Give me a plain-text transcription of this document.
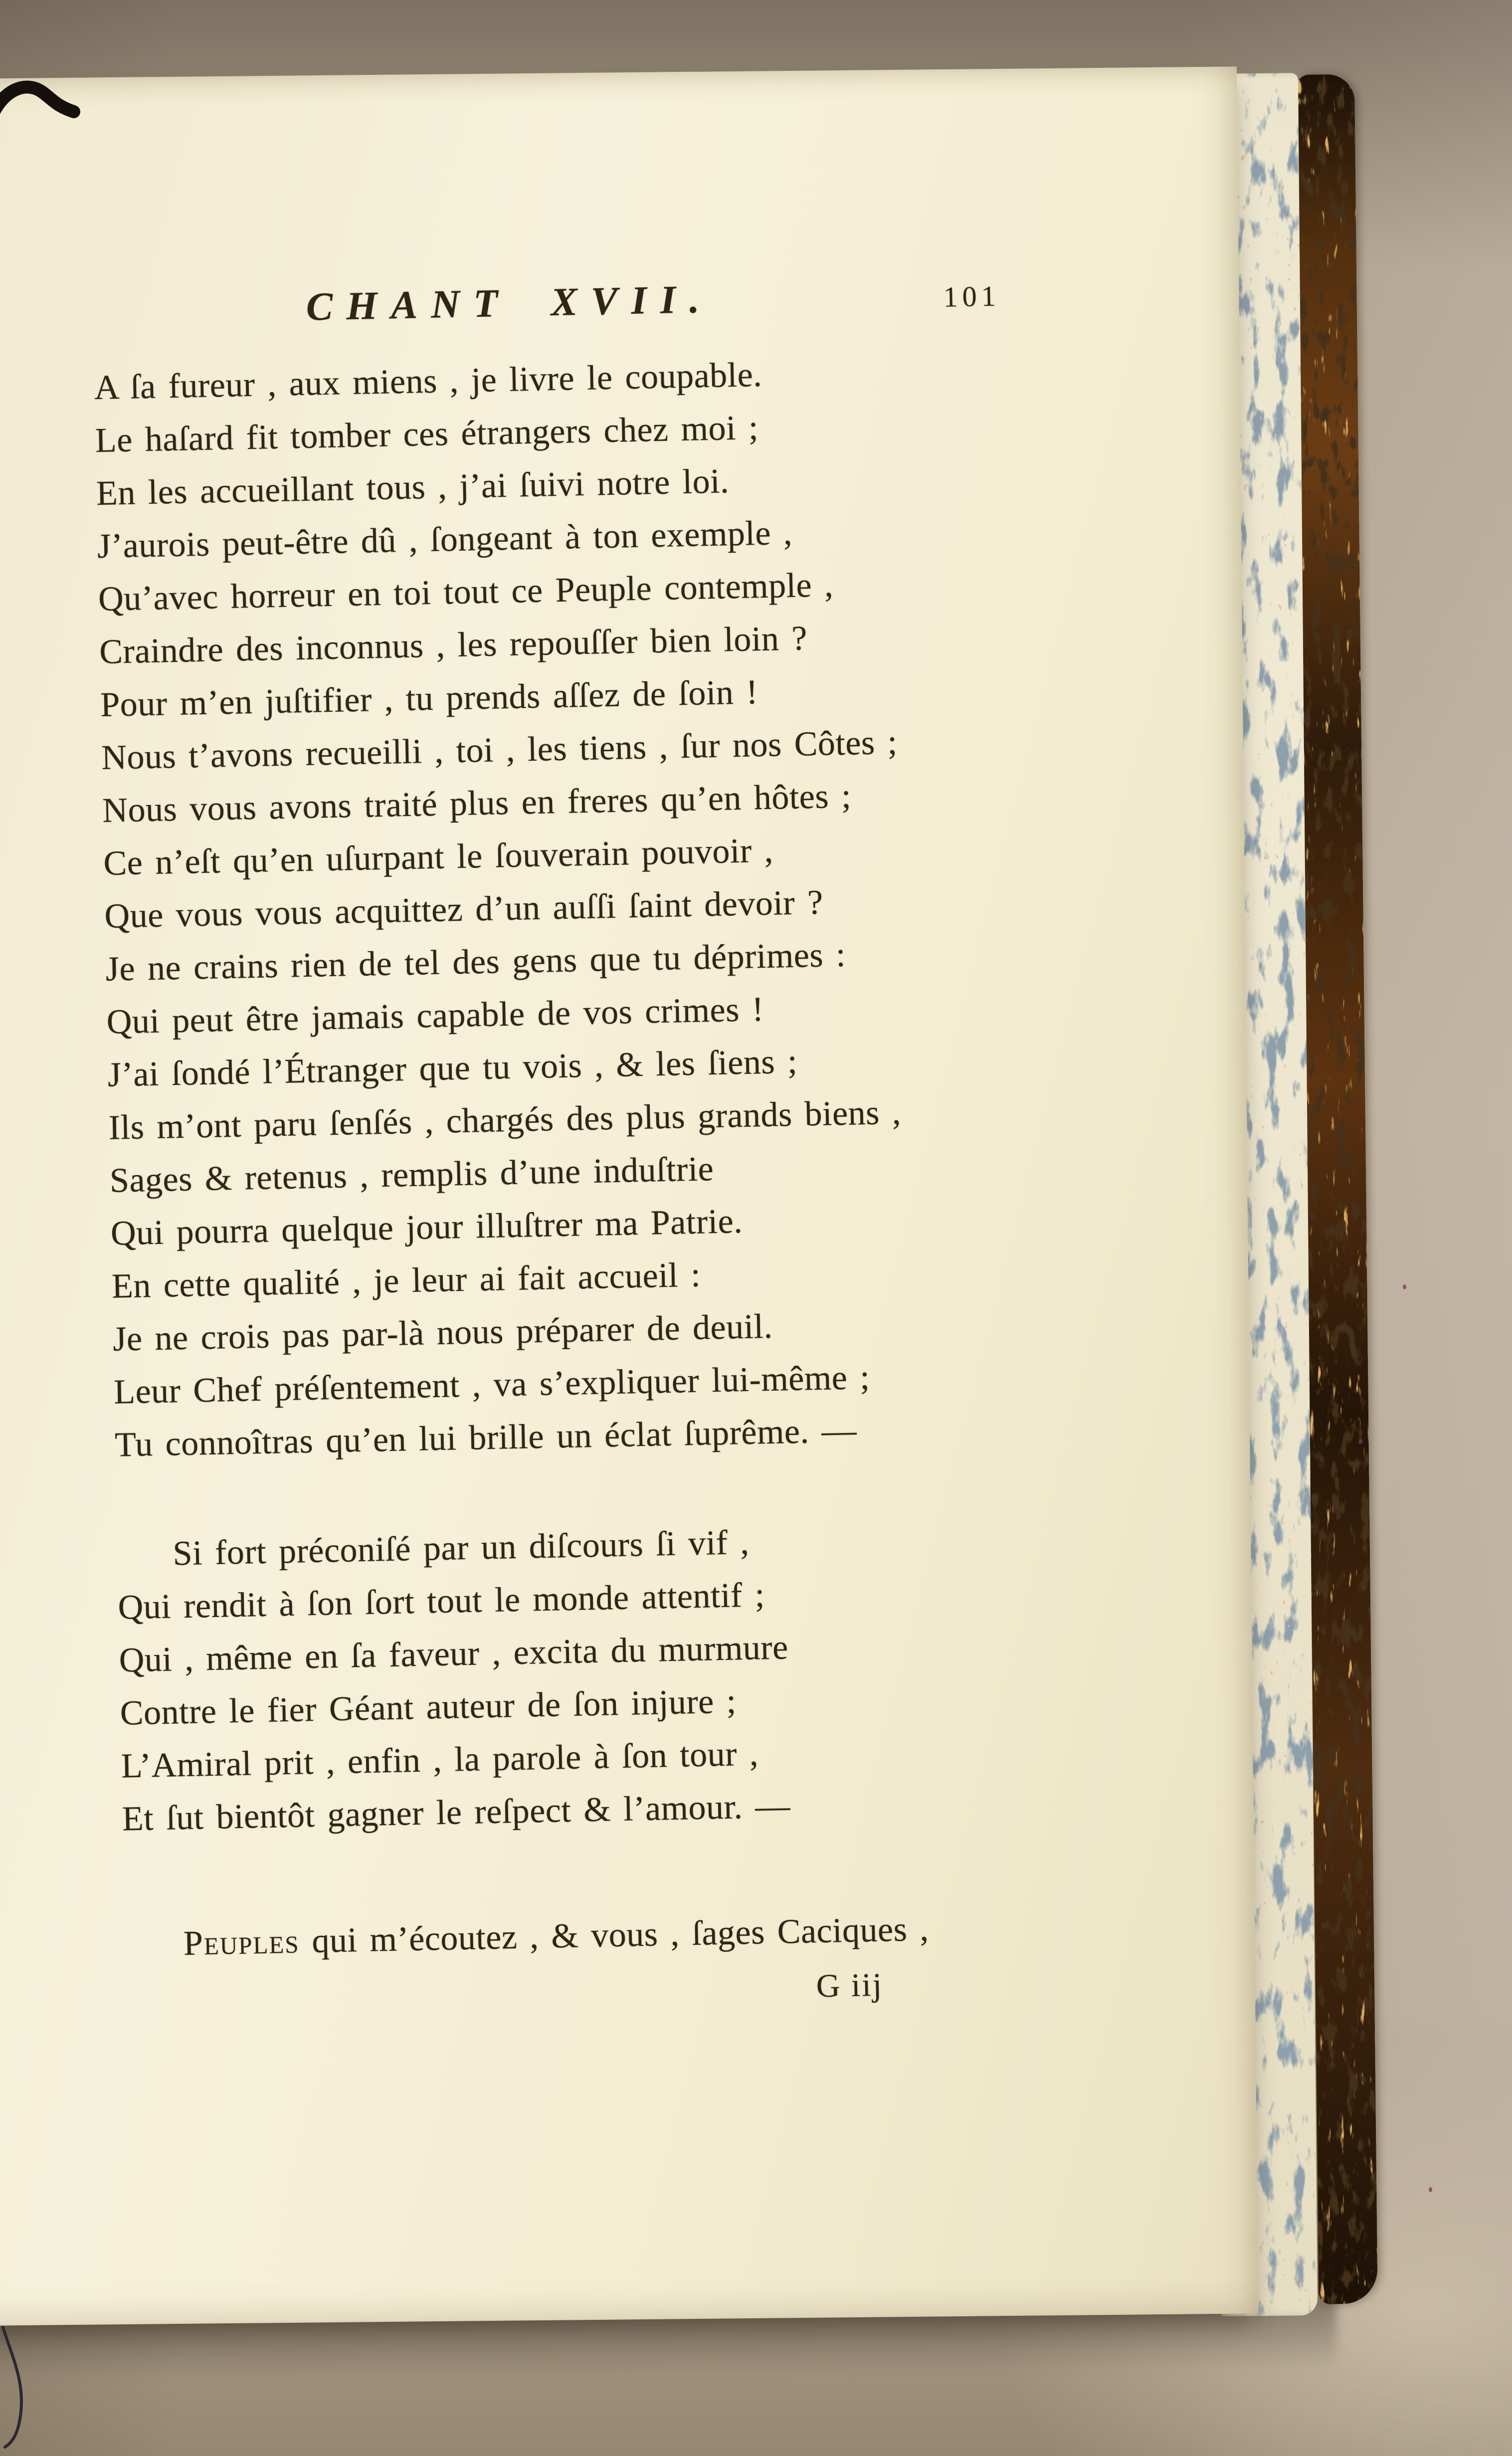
CHANT XVII.	101
A ſa fureur , aux miens , je livre le coupable.
Le haſard fit tomber ces étrangers chez moi ;
En les accueillant tous , j’ai ſuivi notre loi.
J’aurois peut-être dû , ſongeant à ton exemple ,
Qu’avec horreur en toi tout ce Peuple contemple ,
Craindre des inconnus , les repouſſer bien loin ?
Pour m’en juſtifier , tu prends aſſez de ſoin !
Nous t’avons recueilli , toi , les tiens , ſur nos Côtes ;
Nous vous avons traité plus en freres qu’en hôtes ;
Ce n’eſt qu’en uſurpant le ſouverain pouvoir ,
Que vous vous acquittez d’un auſſi ſaint devoir ?
Je ne crains rien de tel des gens que tu déprimes :
Qui peut être jamais capable de vos crimes !
J’ai ſondé l’Étranger que tu vois , & les ſiens ;
Ils m’ont paru ſenſés , chargés des plus grands biens ,
Sages & retenus , remplis d’une induſtrie
Qui pourra quelque jour illuſtrer ma Patrie.
En cette qualité , je leur ai fait accueil :
Je ne crois pas par-là nous préparer de deuil.
Leur Chef préſentement , va s’expliquer lui-même ;
Tu connoîtras qu’en lui brille un éclat ſuprême. —
Si fort préconiſé par un diſcours ſi vif ,
Qui rendit à ſon ſort tout le monde attentif ;
Qui , même en ſa faveur , excita du murmure
Contre le fier Géant auteur de ſon injure ;
L’Amiral prit , enfin , la parole à ſon tour ,
Et ſut bientôt gagner le reſpect & l’amour. —
Peuples qui m’écoutez , & vous , ſages Caciques ,
G iij
